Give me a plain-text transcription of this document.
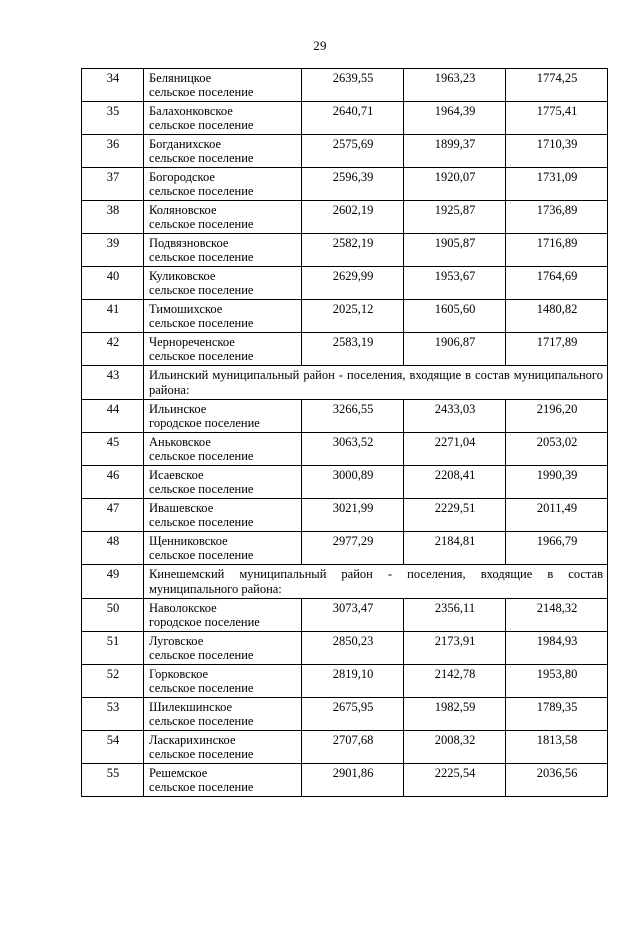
29
34	Беляницкое
сельское поселение	2639,55	1963,23	1774,25

35	Балахонковское
сельское поселение	2640,71	1964,39	1775,41

36	Богданихское
сельское поселение	2575,69	1899,37	1710,39

37	Богородское
сельское поселение	2596,39	1920,07	1731,09

38	Коляновское
сельское поселение	2602,19	1925,87	1736,89

39	Подвязновское
сельское поселение	2582,19	1905,87	1716,89

40	Куликовское
сельское поселение	2629,99	1953,67	1764,69

41	Тимошихское
сельское поселение	2025,12	1605,60	1480,82

42	Чернореченское
сельское поселение	2583,19	1906,87	1717,89

43	Ильинский муниципальный район - поселения, входящие в состав муниципального района:			

44	Ильинское
городское поселение	3266,55	2433,03	2196,20

45	Аньковское
сельское поселение	3063,52	2271,04	2053,02

46	Исаевское
сельское поселение	3000,89	2208,41	1990,39

47	Ивашевское
сельское поселение	3021,99	2229,51	2011,49

48	Щенниковское
сельское поселение	2977,29	2184,81	1966,79

49	Кинешемский муниципальный район - поселения, входящие в состав муниципального района:			

50	Наволокское
городское поселение	3073,47	2356,11	2148,32

51	Луговское
сельское поселение	2850,23	2173,91	1984,93

52	Горковское
сельское поселение	2819,10	2142,78	1953,80

53	Шилекшинское
сельское поселение	2675,95	1982,59	1789,35

54	Ласкарихинское
сельское поселение	2707,68	2008,32	1813,58

55	Решемское
сельское поселение	2901,86	2225,54	2036,56
